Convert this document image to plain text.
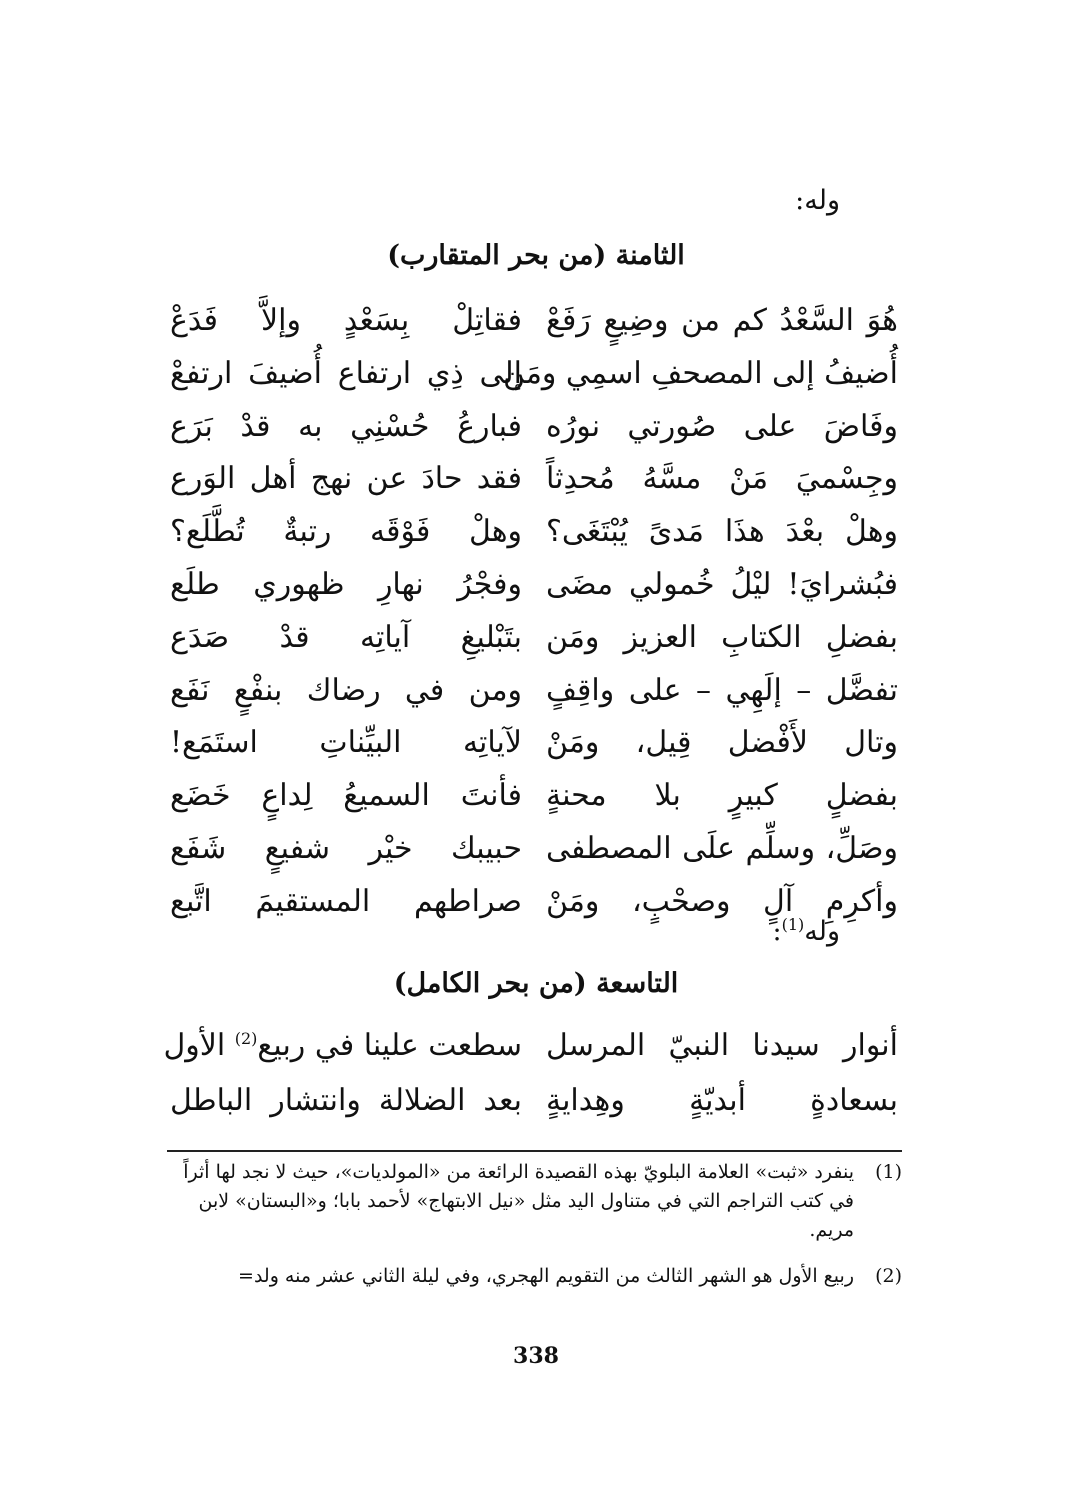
وله:
الثامنة (من بحر المتقارب)
هُوَ السَّعْدُ كم من وضِيعٍ رَفَعْ
فقاتِلْ بِسَعْدٍ وإلاَّ فَدَعْ
أُضيفُ إلى المصحفِ اسمِي ومَن
إلى ذِي ارتفاع أُضيفَ ارتفعْ
وفَاضَ على صُورتي نورُه
فبارعُ حُسْنِي به قدْ بَرَع
وجِسْميَ مَنْ مسَّهُ مُحدِثاً
فقد حادَ عن نهج أهل الوَرع
وهلْ بعْدَ هذَا مَدىً يُبْتَغَى؟
وهلْ فَوْقَه رتبةٌ تُطَّلَع؟
فبُشرايَ! ليْلُ خُمولي مضَى
وفجْرُ نهارِ ظهوري طلَع
بفضلِ الكتابِ العزيز ومَن
بتَبْليغِ آياتِه قدْ صَدَع
تفضَّل – إلَهِي – على واقِفٍ
ومن في رضاك بنفْعٍ نَفَع
وتال لأَفْضل قِيل، ومَنْ
لآياتِه البيِّناتِ استَمَع!
بفضلٍ كبيرٍ بلا محنةٍ
فأنتَ السميعُ لِداعٍ خَضَع
وصَلِّ، وسلِّم علَى المصطفى
حبيبك خيْر شفيعٍ شَفَع
وأكرِمِ آلٍ وصحْبٍ، ومَنْ
صراطهم المستقيمَ اتَّبع
وله$^{(1)}$:
التاسعة (من بحر الكامل)
أنوار سيدنا النبيّ المرسل
سطعت علينا في ربيع$^{(2)}$ الأول
بسعادةٍ أبديّةٍ وهِدايةٍ
بعد الضلالة وانتشار الباطل
(1)
ينفرد «ثبت» العلامة البلويّ بهذه القصيدة الرائعة من «المولديات»، حيث لا نجد لها أثراً في كتب التراجم التي في متناول اليد مثل «نيل الابتهاج» لأحمد بابا؛ و«البستان» لابن مريم.
(2)
ربيع الأول هو الشهر الثالث من التقويم الهجري، وفي ليلة الثاني عشر منه ولد=
338
